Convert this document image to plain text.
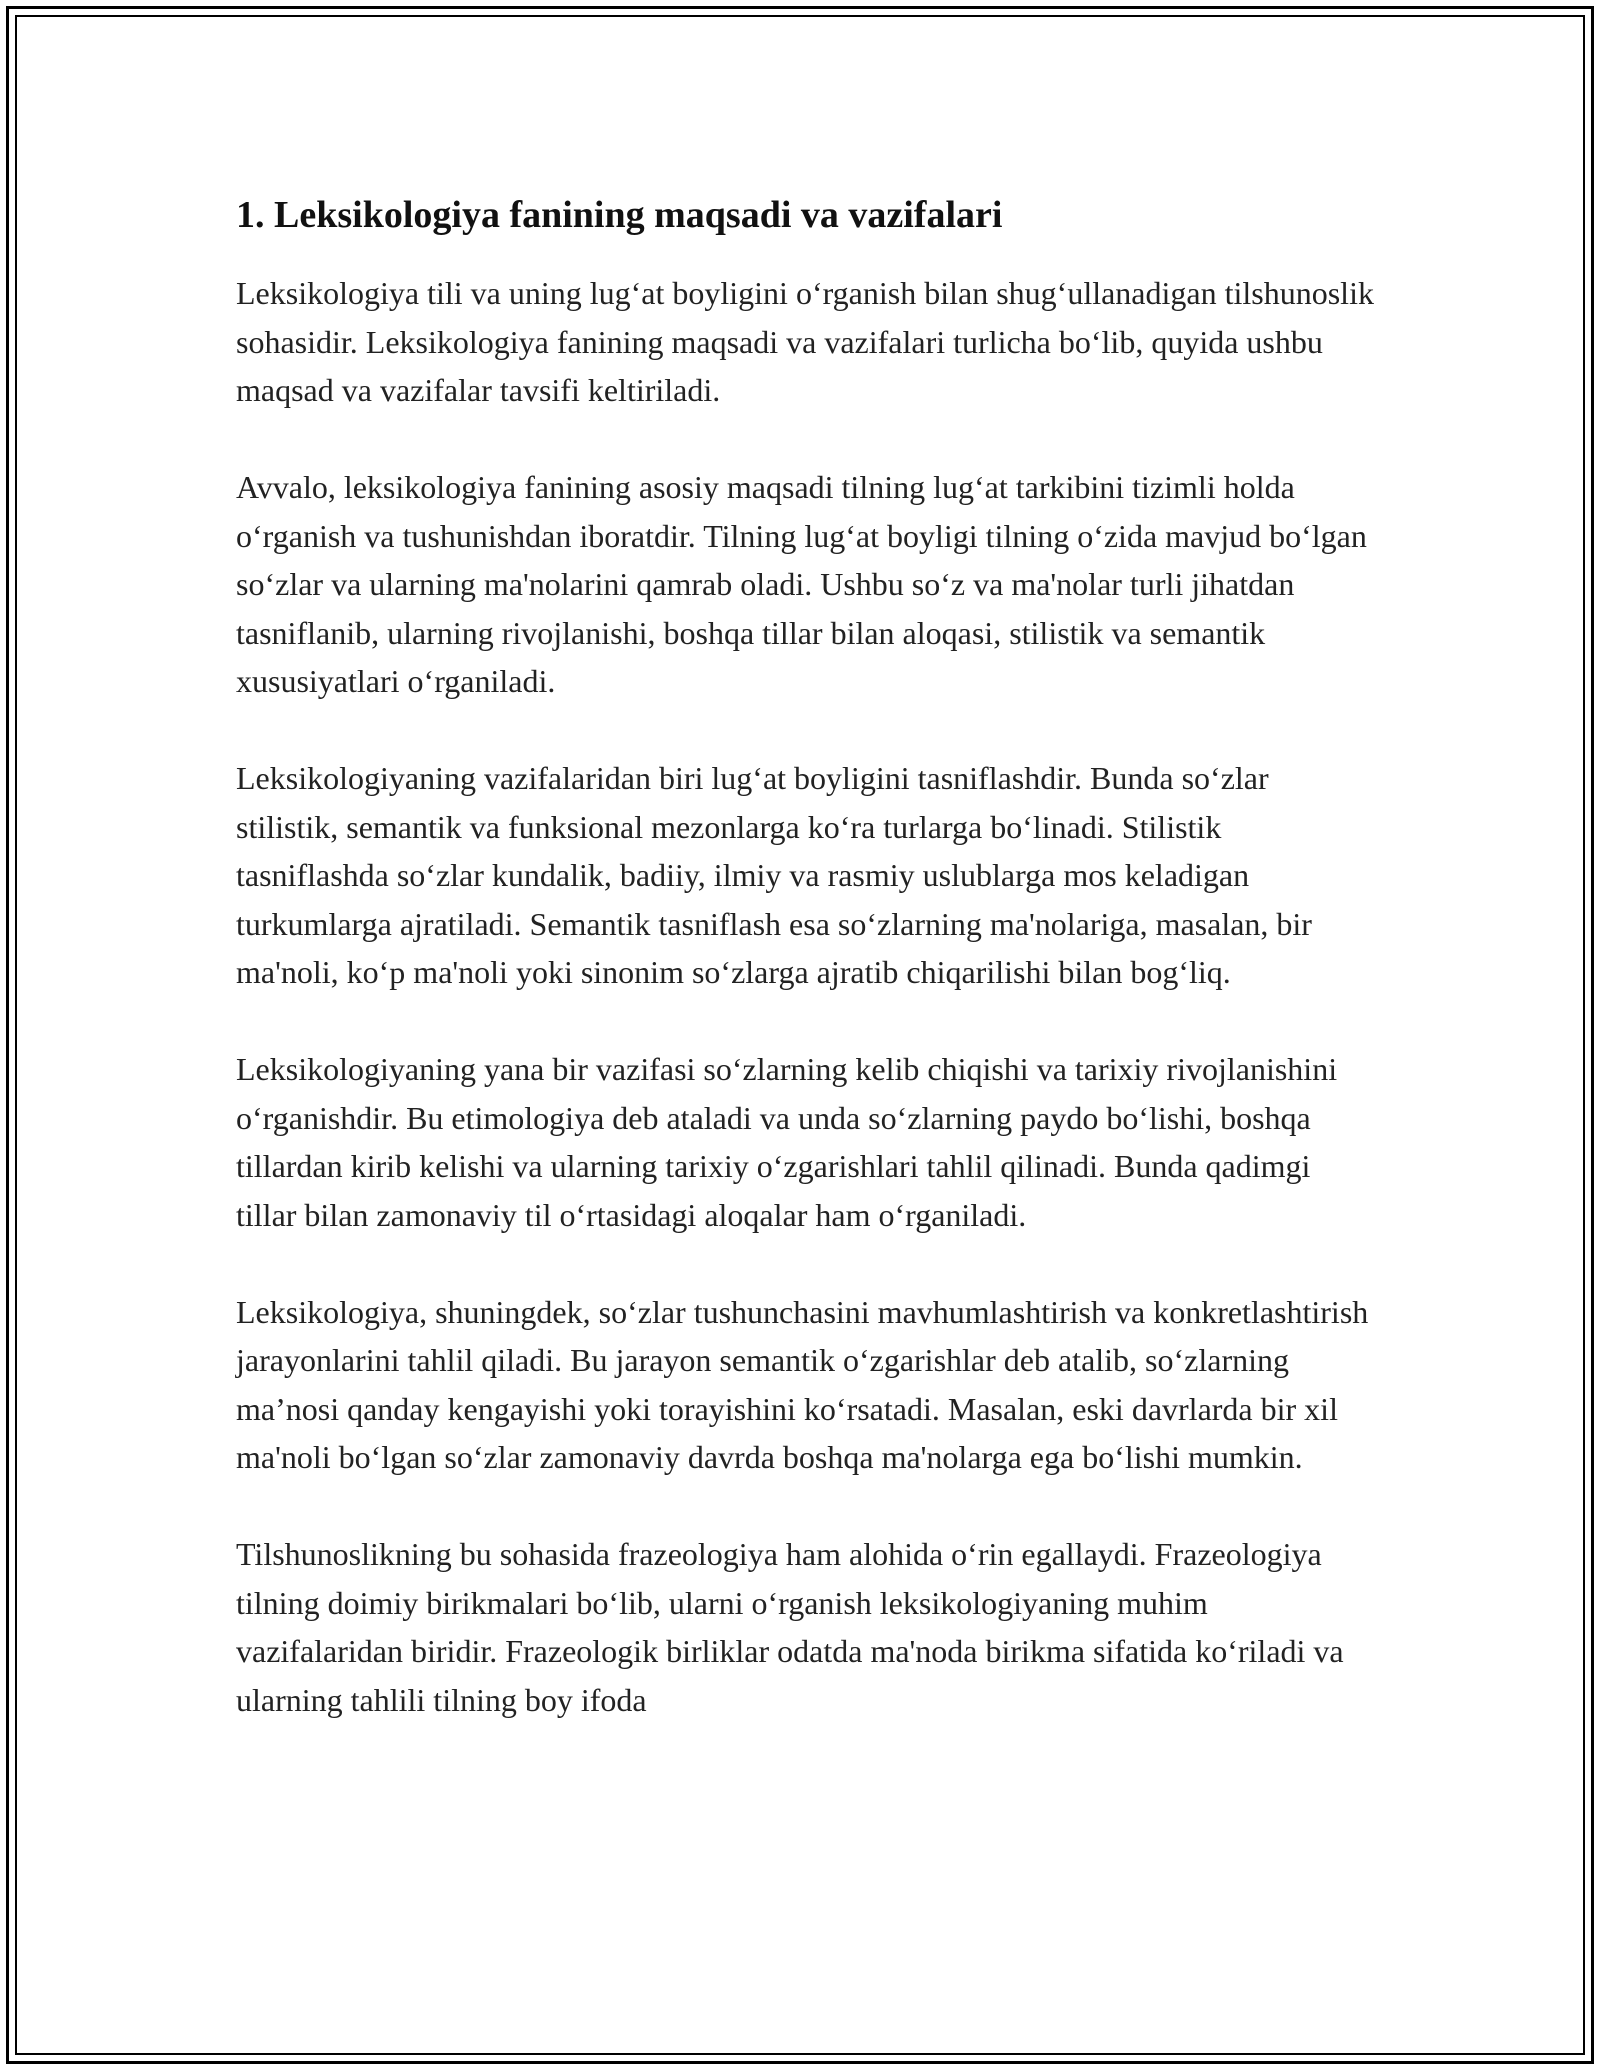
1. Leksikologiya fanining maqsadi va vazifalari

Leksikologiya tili va uning lug‘at boyligini o‘rganish bilan shug‘ullanadigan tilshunoslik sohasidir. Leksikologiya fanining maqsadi va vazifalari turlicha bo‘lib, quyida ushbu maqsad va vazifalar tavsifi keltiriladi.

Avvalo, leksikologiya fanining asosiy maqsadi tilning lug‘at tarkibini tizimli holda o‘rganish va tushunishdan iboratdir. Tilning lug‘at boyligi tilning o‘zida mavjud bo‘lgan so‘zlar va ularning ma'nolarini qamrab oladi. Ushbu so‘z va ma'nolar turli jihatdan tasniflanib, ularning rivojlanishi, boshqa tillar bilan aloqasi, stilistik va semantik xususiyatlari o‘rganiladi.

Leksikologiyaning vazifalaridan biri lug‘at boyligini tasniflashdir. Bunda so‘zlar stilistik, semantik va funksional mezonlarga ko‘ra turlarga bo‘linadi. Stilistik tasniflashda so‘zlar kundalik, badiiy, ilmiy va rasmiy uslublarga mos keladigan turkumlarga ajratiladi. Semantik tasniflash esa so‘zlarning ma'nolariga, masalan, bir ma'noli, ko‘p ma'noli yoki sinonim so‘zlarga ajratib chiqarilishi bilan bog‘liq.

Leksikologiyaning yana bir vazifasi so‘zlarning kelib chiqishi va tarixiy rivojlanishini o‘rganishdir. Bu etimologiya deb ataladi va unda so‘zlarning paydo bo‘lishi, boshqa tillardan kirib kelishi va ularning tarixiy o‘zgarishlari tahlil qilinadi. Bunda qadimgi tillar bilan zamonaviy til o‘rtasidagi aloqalar ham o‘rganiladi.

Leksikologiya, shuningdek, so‘zlar tushunchasini mavhumlashtirish va konkretlashtirish jarayonlarini tahlil qiladi. Bu jarayon semantik o‘zgarishlar deb atalib, so‘zlarning ma’nosi qanday kengayishi yoki torayishini ko‘rsatadi. Masalan, eski davrlarda bir xil ma'noli bo‘lgan so‘zlar zamonaviy davrda boshqa ma'nolarga ega bo‘lishi mumkin.

Tilshunoslikning bu sohasida frazeologiya ham alohida o‘rin egallaydi. Frazeologiya tilning doimiy birikmalari bo‘lib, ularni o‘rganish leksikologiyaning muhim vazifalaridan biridir. Frazeologik birliklar odatda ma'noda birikma sifatida ko‘riladi va ularning tahlili tilning boy ifoda
